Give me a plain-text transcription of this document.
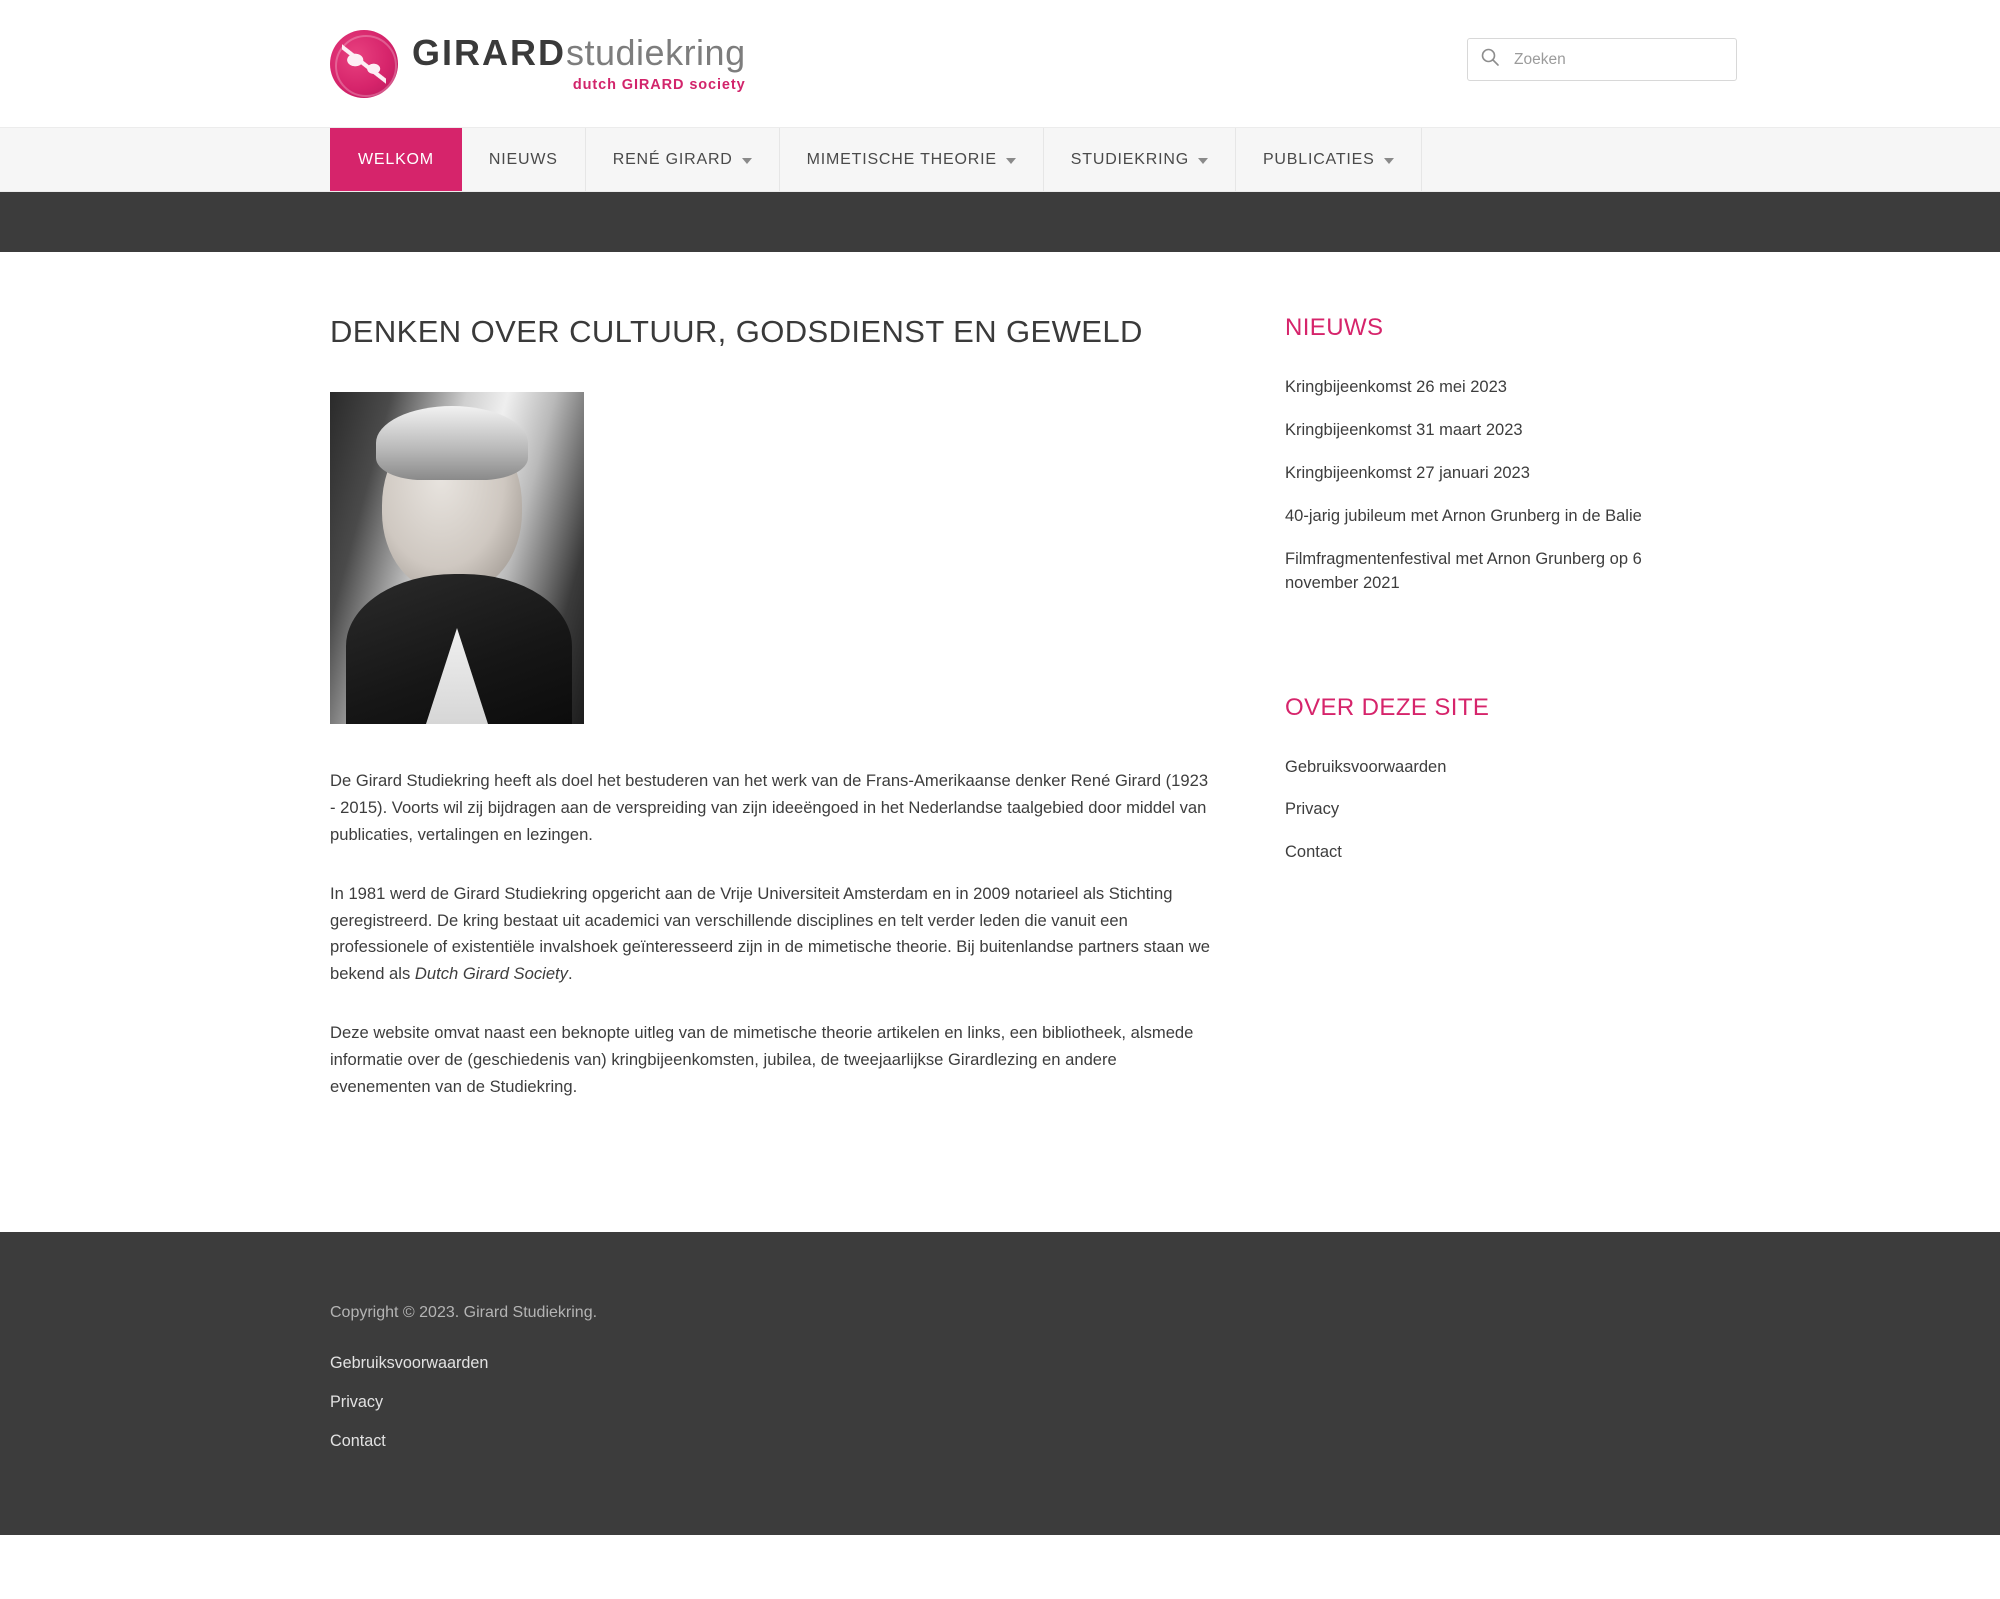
GIRARDstudiekring
dutch GIRARD society
Zoeken
WELKOM	NIEUWS	RENÉ GIRARD	MIMETISCHE THEORIE	STUDIEKRING	PUBLICATIES
DENKEN OVER CULTUUR, GODSDIENST EN GEWELD

De Girard Studiekring heeft als doel het bestuderen van het werk van de Frans-Amerikaanse denker René Girard (1923 - 2015). Voorts wil zij bijdragen aan de verspreiding van zijn ideeëngoed in het Nederlandse taalgebied door middel van publicaties, vertalingen en lezingen.

In 1981 werd de Girard Studiekring opgericht aan de Vrije Universiteit Amsterdam en in 2009 notarieel als Stichting geregistreerd. De kring bestaat uit academici van verschillende disciplines en telt verder leden die vanuit een professionele of existentiële invalshoek geïnteresseerd zijn in de mimetische theorie. Bij buitenlandse partners staan we bekend als Dutch Girard Society.

Deze website omvat naast een beknopte uitleg van de mimetische theorie artikelen en links, een bibliotheek, alsmede informatie over de (geschiedenis van) kringbijeenkomsten, jubilea, de tweejaarlijkse Girardlezing en andere evenementen van de Studiekring.

NIEUWS
Kringbijeenkomst 26 mei 2023
Kringbijeenkomst 31 maart 2023
Kringbijeenkomst 27 januari 2023
40-jarig jubileum met Arnon Grunberg in de Balie
Filmfragmentenfestival met Arnon Grunberg op 6 november 2021
OVER DEZE SITE
Gebruiksvoorwaarden
Privacy
Contact
Copyright © 2023. Girard Studiekring.
Gebruiksvoorwaarden
Privacy
Contact
